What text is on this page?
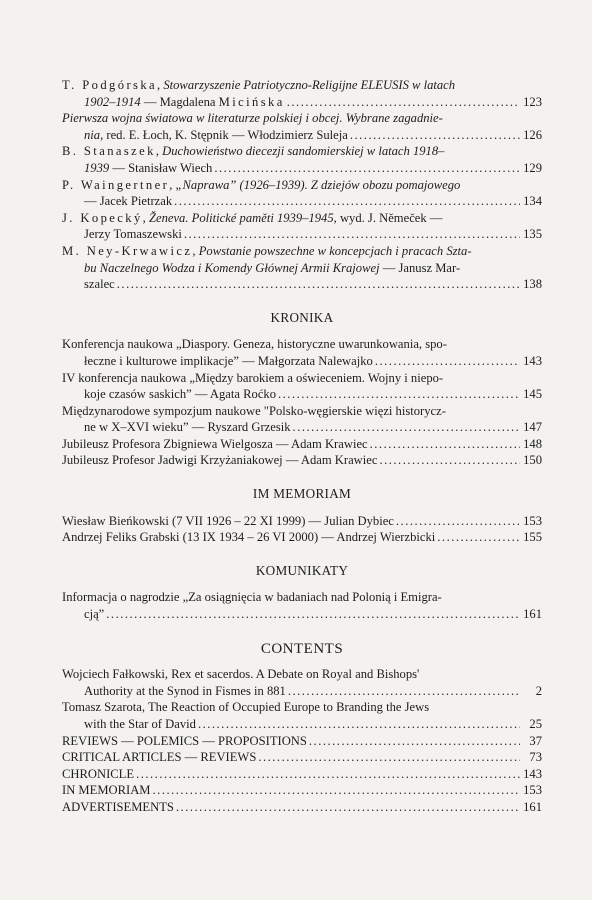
T. Podgórska, Stowarzyszenie Patriotyczno-Religijne ELEUSIS w latach
1902–1914 — Magdalena Micińska .....	123
Pierwsza wojna światowa w literaturze polskiej i obcej. Wybrane zagadnie-
nia, red. E. Łoch, K. Stępnik — Włodzimierz Suleja .....	126
B. Stanaszek, Duchowieństwo diecezji sandomierskiej w latach 1918–
1939 — Stanisław Wiech .....	129
P. Waingertner, „Naprawa” (1926–1939). Z dziejów obozu pomajowego
— Jacek Pietrzak .....	134
J. Kopecký, Ženeva. Politické paměti 1939–1945, wyd. J. Němeček —
Jerzy Tomaszewski .....	135
M. Ney-Krwawicz, Powstanie powszechne w koncepcjach i pracach Szta-
bu Naczelnego Wodza i Komendy Głównej Armii Krajowej — Janusz Mar-
szalec .....	138
KRONIKA
Konferencja naukowa „Diaspory. Geneza, historyczne uwarunkowania, spo-
łeczne i kulturowe implikacje” — Małgorzata Nalewajko .....	143
IV konferencja naukowa „Między barokiem a oświeceniem. Wojny i niepo-
koje czasów saskich” — Agata Roćko .....	145
Międzynarodowe sympozjum naukowe "Polsko-węgierskie więzi historycz-
ne w X–XVI wieku” — Ryszard Grzesik .....	147
Jubileusz Profesora Zbigniewa Wielgosza — Adam Krawiec .....	148
Jubileusz Profesor Jadwigi Krzyżaniakowej — Adam Krawiec .....	150
IM MEMORIAM
Wiesław Bieńkowski (7 VII 1926 – 22 XI 1999) — Julian Dybiec .....	153
Andrzej Feliks Grabski (13 IX 1934 – 26 VI 2000) — Andrzej Wierzbicki .....	155
KOMUNIKATY
Informacja o nagrodzie „Za osiągnięcia w badaniach nad Polonią i Emigra-
cją” .....	161
CONTENTS
Wojciech Fałkowski, Rex et sacerdos. A Debate on Royal and Bishops'
Authority at the Synod in Fismes in 881 .....	2
Tomasz Szarota, The Reaction of Occupied Europe to Branding the Jews
with the Star of David .....	25
REVIEWS — POLEMICS — PROPOSITIONS .....	37
CRITICAL ARTICLES — REVIEWS .....	73
CHRONICLE .....	143
IN MEMORIAM .....	153
ADVERTISEMENTS .....	161
